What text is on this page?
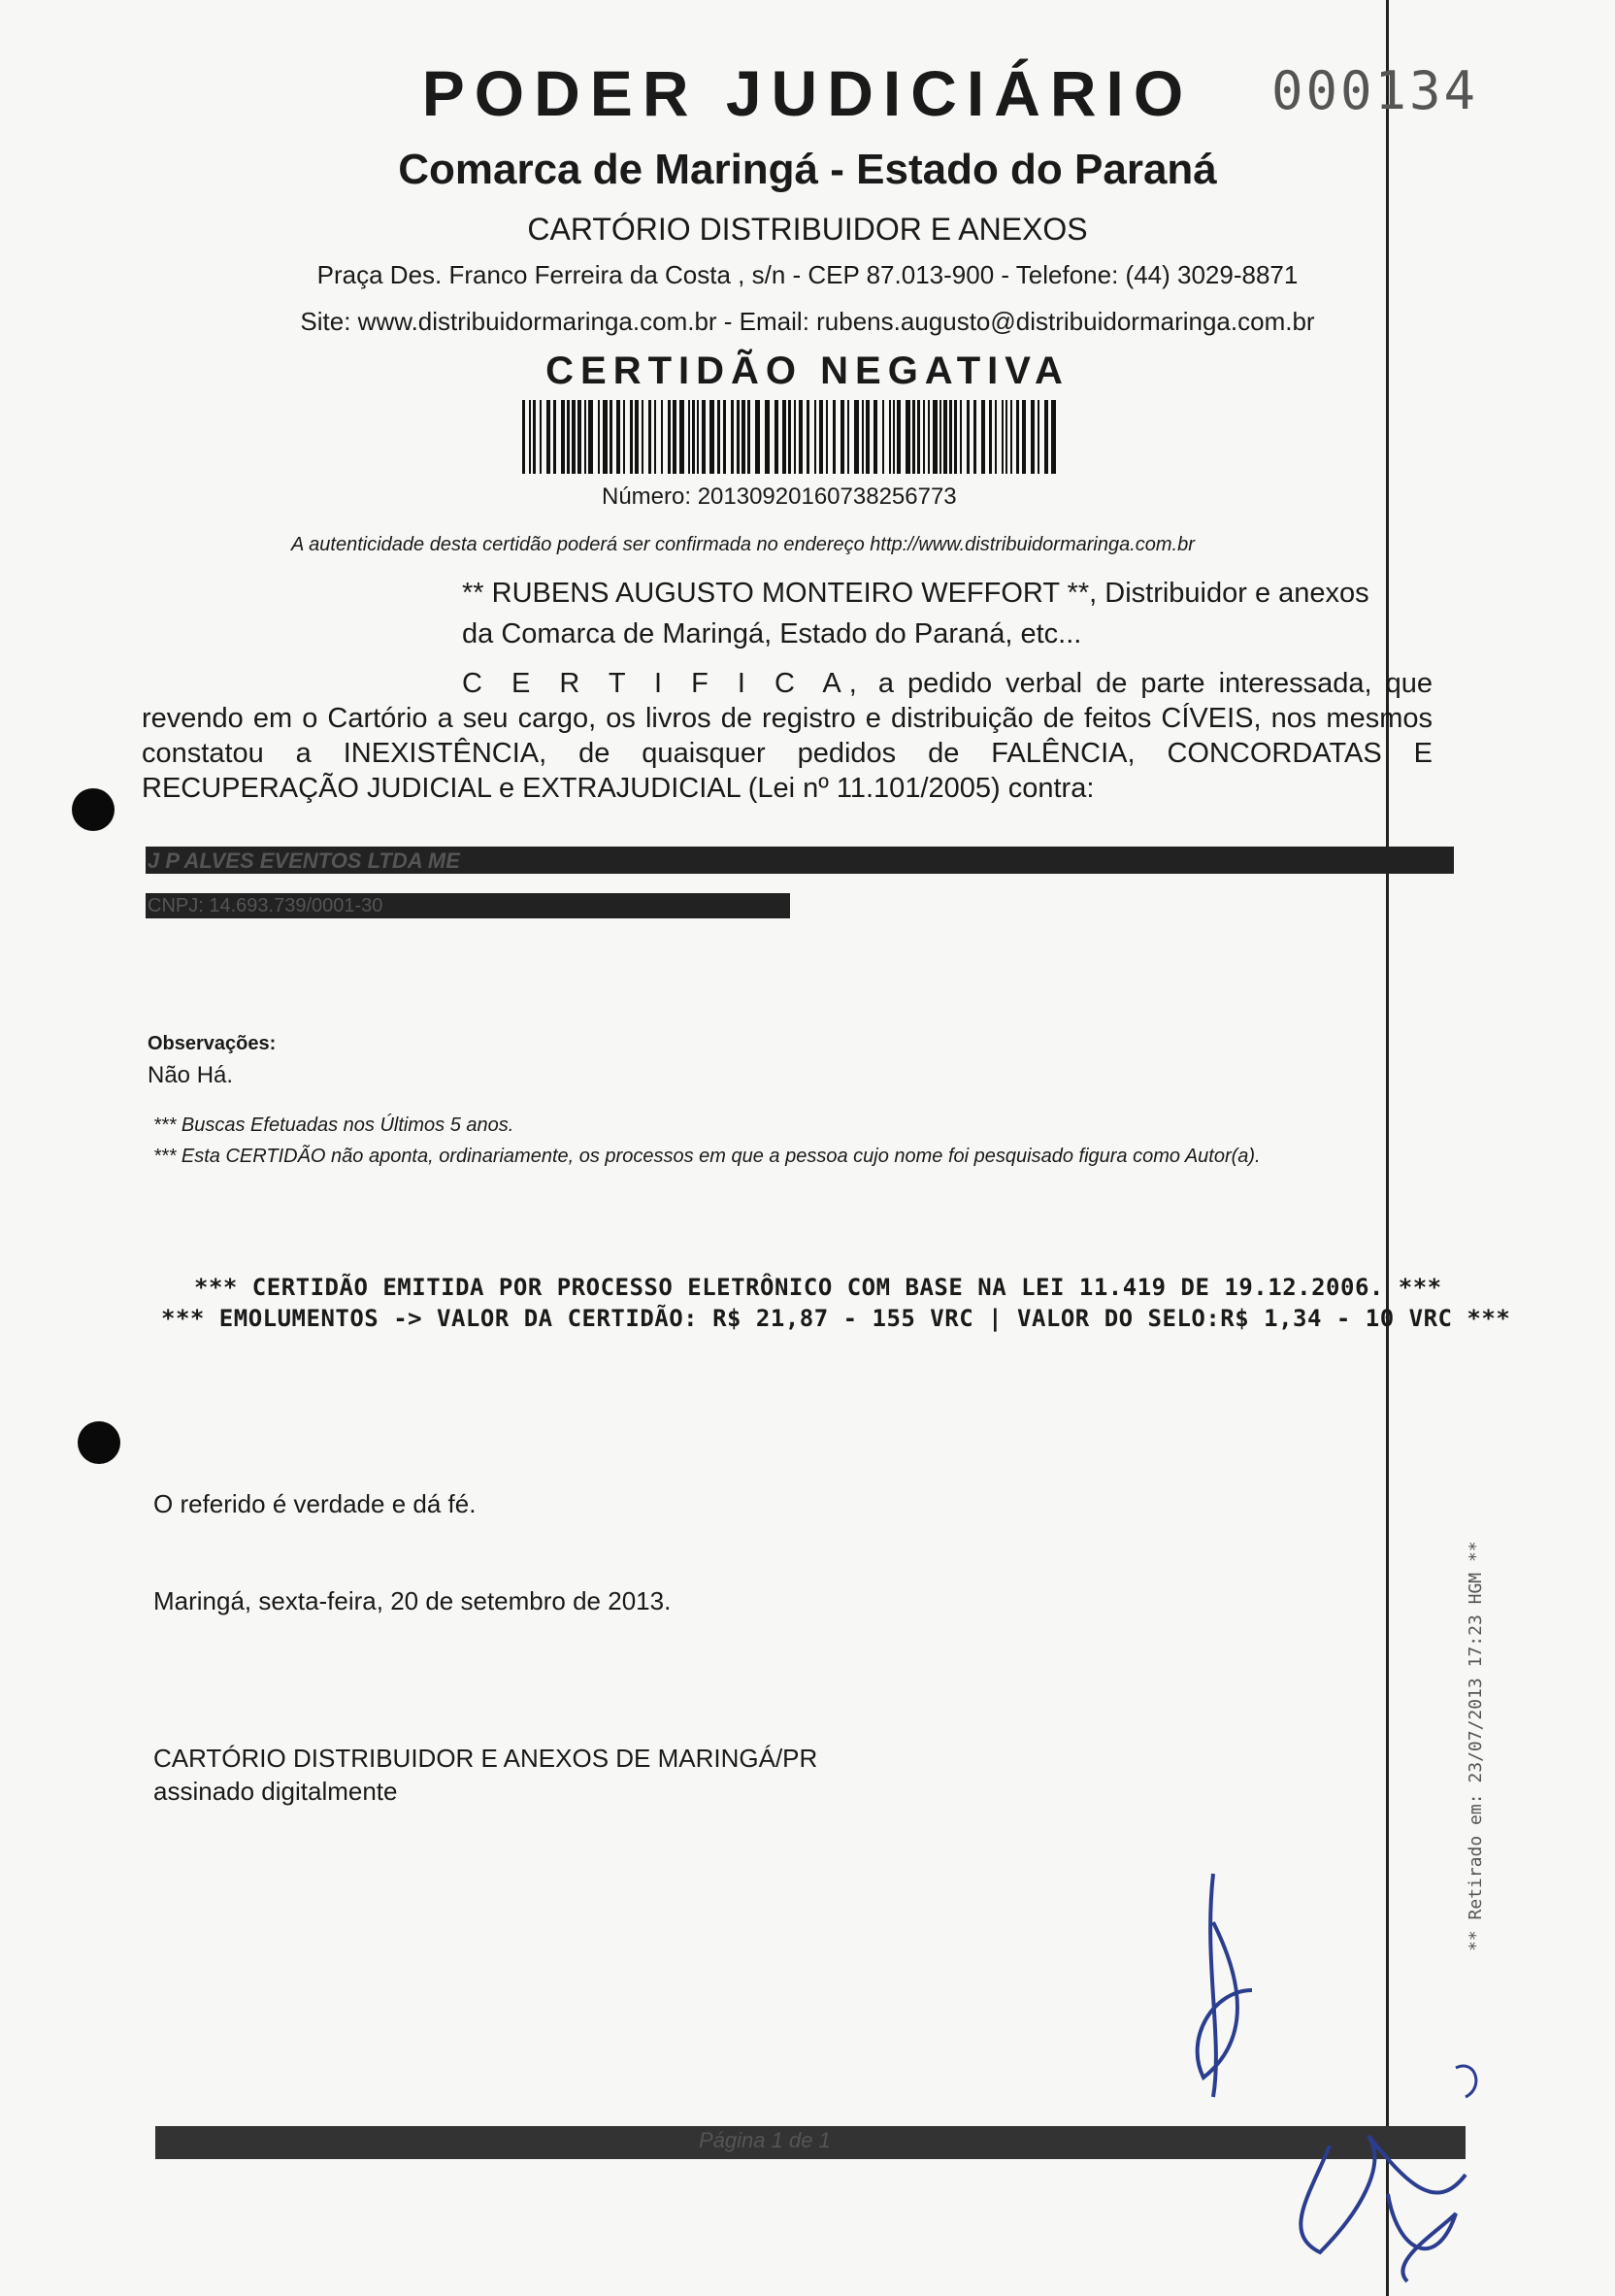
PODER JUDICIÁRIO	000134
Comarca de Maringá - Estado do Paraná
CARTÓRIO DISTRIBUIDOR E ANEXOS
Praça Des. Franco Ferreira da Costa , s/n - CEP 87.013-900 - Telefone: (44) 3029-8871
Site: www.distribuidormaringa.com.br - Email: rubens.augusto@distribuidormaringa.com.br
CERTIDÃO NEGATIVA
Número: 20130920160738256773
A autenticidade desta certidão poderá ser confirmada no endereço http://www.distribuidormaringa.com.br
** RUBENS AUGUSTO MONTEIRO WEFFORT **, Distribuidor e anexos da Comarca de Maringá, Estado do Paraná, etc...
C E R T I F I C A, a pedido verbal de parte interessada, que revendo em o Cartório a seu cargo, os livros de registro e distribuição de feitos CÍVEIS, nos mesmos constatou a INEXISTÊNCIA, de quaisquer pedidos de FALÊNCIA, CONCORDATAS E RECUPERAÇÃO JUDICIAL e EXTRAJUDICIAL (Lei nº 11.101/2005) contra:
J P ALVES EVENTOS LTDA ME
CNPJ: 14.693.739/0001-30
Observações:
Não Há.
*** Buscas Efetuadas nos Últimos 5 anos.
*** Esta CERTIDÃO não aponta, ordinariamente, os processos em que a pessoa cujo nome foi pesquisado figura como Autor(a).
*** CERTIDÃO EMITIDA POR PROCESSO ELETRÔNICO COM BASE NA LEI 11.419 DE 19.12.2006. ***
*** EMOLUMENTOS -> VALOR DA CERTIDÃO: R$ 21,87 - 155 VRC | VALOR DO SELO:R$ 1,34 - 10 VRC ***
O referido é verdade e dá fé.
Maringá, sexta-feira, 20 de setembro de 2013.
CARTÓRIO DISTRIBUIDOR E ANEXOS DE MARINGÁ/PR
assinado digitalmente	** Retirado em: 23/07/2013 17:23 HGM **
Página 1 de 1
